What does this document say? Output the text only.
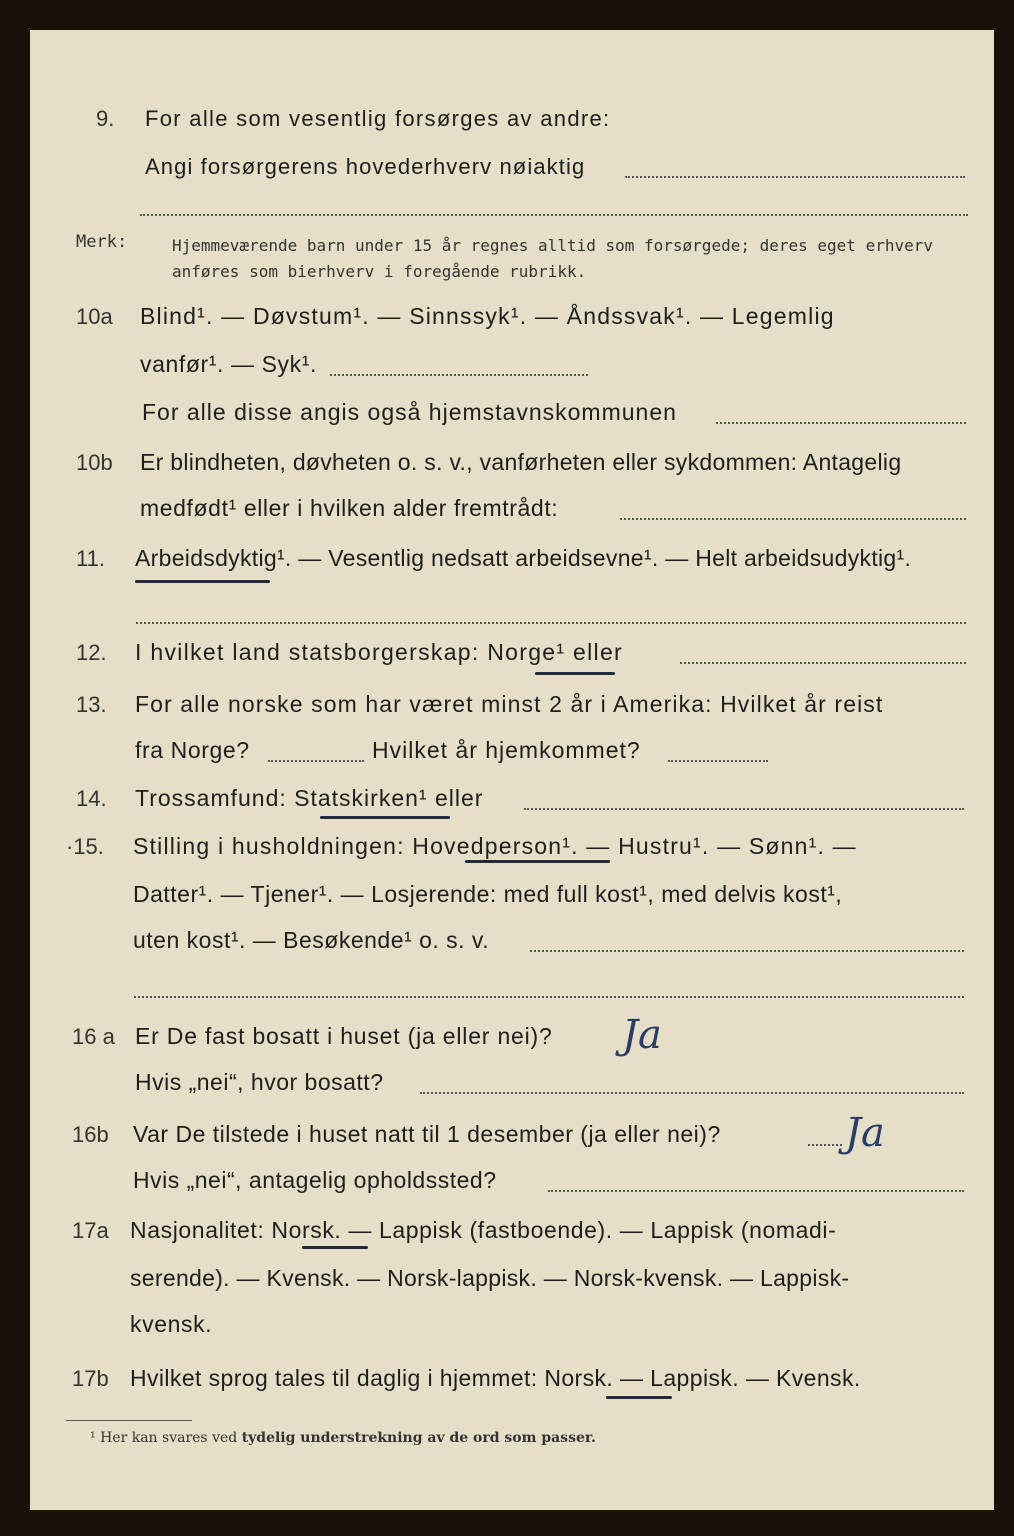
9. For alle som vesentlig forsørges av andre:
Angi forsørgerens hovederhverv nøiaktig
Merk:	Hjemmeværende barn under 15 år regnes alltid som forsørgede; deres eget erhverv
anføres som bierhverv i foregående rubrikk.
10a Blind¹. — Døvstum¹. — Sinnssyk¹. — Åndssvak¹. — Legemlig
vanfør¹. — Syk¹.
For alle disse angis også hjemstavnskommunen
10b Er blindheten, døvheten o. s. v., vanførheten eller sykdommen: Antagelig
medfødt¹ eller i hvilken alder fremtrådt:
11. Arbeidsdyktig¹. — Vesentlig nedsatt arbeidsevne¹. — Helt arbeidsudyktig¹.
12. I hvilket land statsborgerskap: Norge¹ eller
13. For alle norske som har været minst 2 år i Amerika: Hvilket år reist
fra Norge?	Hvilket år hjemkommet?
14. Trossamfund: Statskirken¹ eller
·15. Stilling i husholdningen: Hovedperson¹. — Hustru¹. — Sønn¹. —
Datter¹. — Tjener¹. — Losjerende: med full kost¹, med delvis kost¹,
uten kost¹. — Besøkende¹ o. s. v.
16 a Er De fast bosatt i huset (ja eller nei)? Ja
Hvis „nei“, hvor bosatt?
16b Var De tilstede i huset natt til 1 desember (ja eller nei)?	Ja
Hvis „nei“, antagelig opholdssted?
17a Nasjonalitet: Norsk. — Lappisk (fastboende). — Lappisk (nomadi-
serende). — Kvensk. — Norsk-lappisk. — Norsk-kvensk. — Lappisk-
kvensk.
17b Hvilket sprog tales til daglig i hjemmet: Norsk. — Lappisk. — Kvensk.
¹ Her kan svares ved tydelig understrekning av de ord som passer.
